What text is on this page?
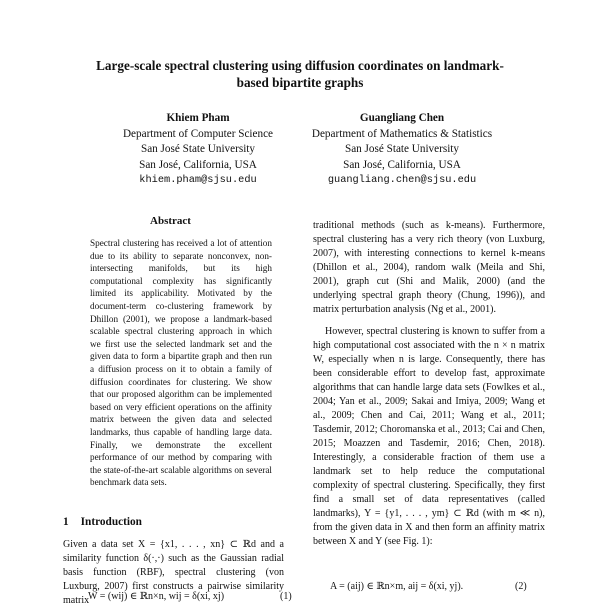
Large-scale spectral clustering using diffusion coordinates on landmark-based bipartite graphs
Khiem Pham
Department of Computer Science
San José State University
San José, California, USA
khiem.pham@sjsu.edu
Guangliang Chen
Department of Mathematics & Statistics
San José State University
San José, California, USA
guangliang.chen@sjsu.edu
Abstract

Spectral clustering has received a lot of attention due to its ability to separate nonconvex, non-intersecting manifolds, but its high computational complexity has significantly limited its applicability. Motivated by the document-term co-clustering framework by Dhillon (2001), we propose a landmark-based scalable spectral clustering approach in which we first use the selected landmark set and the given data to form a bipartite graph and then run a diffusion process on it to obtain a family of diffusion coordinates for clustering. We show that our proposed algorithm can be implemented based on very efficient operations on the affinity matrix between the given data and selected landmarks, thus capable of handling large data. Finally, we demonstrate the excellent performance of our method by comparing with the state-of-the-art scalable algorithms on several benchmark data sets.

1 Introduction

Given a data set X = {x1, . . . , xn} ⊂ ℝd and a similarity function δ(·,·) such as the Gaussian radial basis function (RBF), spectral clustering (von Luxburg, 2007) first constructs a pairwise similarity matrix

W = (wij) ∈ ℝn×n, wij = δ(xi, xj)	(1)

traditional methods (such as k-means). Furthermore, spectral clustering has a very rich theory (von Luxburg, 2007), with interesting connections to kernel k-means (Dhillon et al., 2004), random walk (Meila and Shi, 2001), graph cut (Shi and Malik, 2000) (and the underlying spectral graph theory (Chung, 1996)), and matrix perturbation analysis (Ng et al., 2001).

However, spectral clustering is known to suffer from a high computational cost associated with the n × n matrix W, especially when n is large. Consequently, there has been considerable effort to develop fast, approximate algorithms that can handle large data sets (Fowlkes et al., 2004; Yan et al., 2009; Sakai and Imiya, 2009; Wang et al., 2009; Chen and Cai, 2011; Wang et al., 2011; Tasdemir, 2012; Choromanska et al., 2013; Cai and Chen, 2015; Moazzen and Tasdemir, 2016; Chen, 2018). Interestingly, a considerable fraction of them use a landmark set to help reduce the computational complexity of spectral clustering. Specifically, they first find a small set of data representatives (called landmarks), Y = {y1, . . . , ym} ⊂ ℝd (with m ≪ n), from the given data in X and then form an affinity matrix between X and Y (see Fig. 1):

A = (aij) ∈ ℝn×m, aij = δ(xi, yj).	(2)
